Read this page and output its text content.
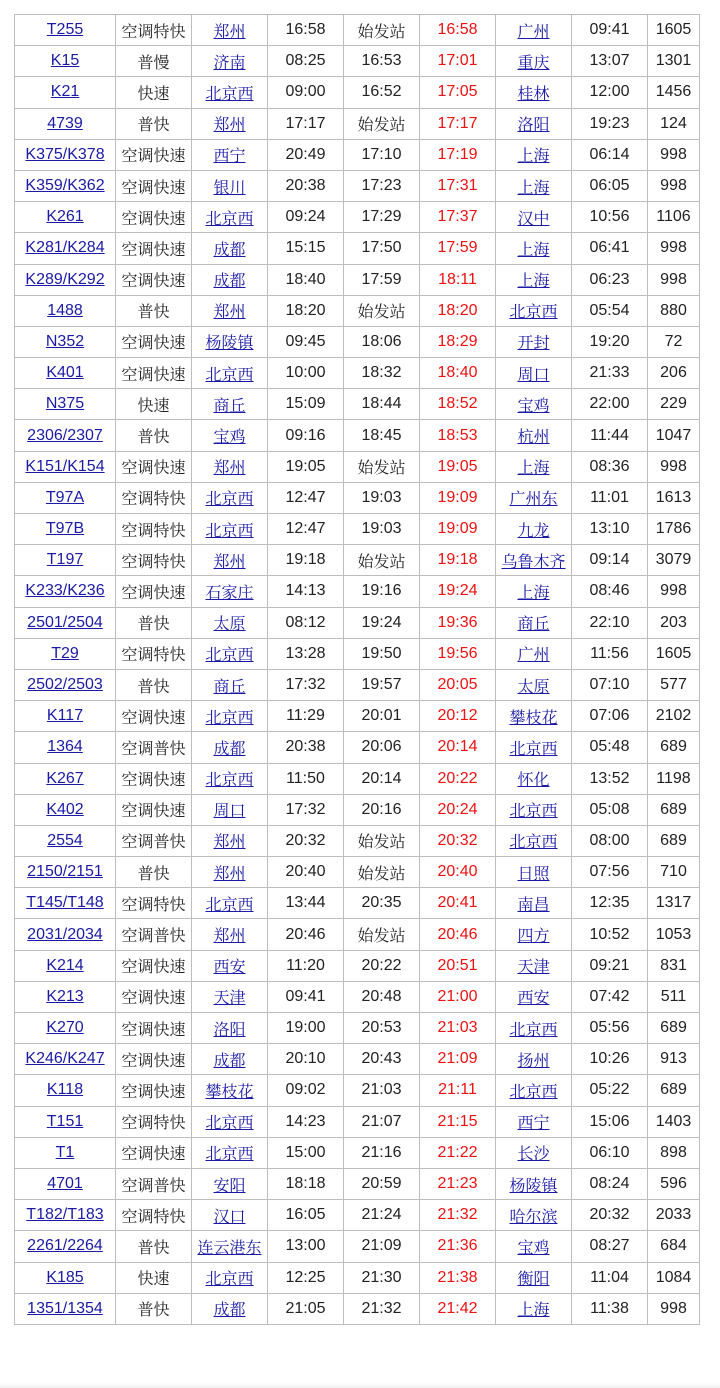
T255	空调特快	郑州	16:58	始发站	16:58	广州	09:41	1605
K15	普慢	济南	08:25	16:53	17:01	重庆	13:07	1301
K21	快速	北京西	09:00	16:52	17:05	桂林	12:00	1456
4739	普快	郑州	17:17	始发站	17:17	洛阳	19:23	124
K375/K378	空调快速	西宁	20:49	17:10	17:19	上海	06:14	998
K359/K362	空调快速	银川	20:38	17:23	17:31	上海	06:05	998
K261	空调快速	北京西	09:24	17:29	17:37	汉中	10:56	1106
K281/K284	空调快速	成都	15:15	17:50	17:59	上海	06:41	998
K289/K292	空调快速	成都	18:40	17:59	18:11	上海	06:23	998
1488	普快	郑州	18:20	始发站	18:20	北京西	05:54	880
N352	空调快速	杨陵镇	09:45	18:06	18:29	开封	19:20	72
K401	空调快速	北京西	10:00	18:32	18:40	周口	21:33	206
N375	快速	商丘	15:09	18:44	18:52	宝鸡	22:00	229
2306/2307	普快	宝鸡	09:16	18:45	18:53	杭州	11:44	1047
K151/K154	空调快速	郑州	19:05	始发站	19:05	上海	08:36	998
T97A	空调特快	北京西	12:47	19:03	19:09	广州东	11:01	1613
T97B	空调特快	北京西	12:47	19:03	19:09	九龙	13:10	1786
T197	空调特快	郑州	19:18	始发站	19:18	乌鲁木齐	09:14	3079
K233/K236	空调快速	石家庄	14:13	19:16	19:24	上海	08:46	998
2501/2504	普快	太原	08:12	19:24	19:36	商丘	22:10	203
T29	空调特快	北京西	13:28	19:50	19:56	广州	11:56	1605
2502/2503	普快	商丘	17:32	19:57	20:05	太原	07:10	577
K117	空调快速	北京西	11:29	20:01	20:12	攀枝花	07:06	2102
1364	空调普快	成都	20:38	20:06	20:14	北京西	05:48	689
K267	空调快速	北京西	11:50	20:14	20:22	怀化	13:52	1198
K402	空调快速	周口	17:32	20:16	20:24	北京西	05:08	689
2554	空调普快	郑州	20:32	始发站	20:32	北京西	08:00	689
2150/2151	普快	郑州	20:40	始发站	20:40	日照	07:56	710
T145/T148	空调特快	北京西	13:44	20:35	20:41	南昌	12:35	1317
2031/2034	空调普快	郑州	20:46	始发站	20:46	四方	10:52	1053
K214	空调快速	西安	11:20	20:22	20:51	天津	09:21	831
K213	空调快速	天津	09:41	20:48	21:00	西安	07:42	511
K270	空调快速	洛阳	19:00	20:53	21:03	北京西	05:56	689
K246/K247	空调快速	成都	20:10	20:43	21:09	扬州	10:26	913
K118	空调快速	攀枝花	09:02	21:03	21:11	北京西	05:22	689
T151	空调特快	北京西	14:23	21:07	21:15	西宁	15:06	1403
T1	空调快速	北京西	15:00	21:16	21:22	长沙	06:10	898
4701	空调普快	安阳	18:18	20:59	21:23	杨陵镇	08:24	596
T182/T183	空调特快	汉口	16:05	21:24	21:32	哈尔滨	20:32	2033
2261/2264	普快	连云港东	13:00	21:09	21:36	宝鸡	08:27	684
K185	快速	北京西	12:25	21:30	21:38	衡阳	11:04	1084
1351/1354	普快	成都	21:05	21:32	21:42	上海	11:38	998
